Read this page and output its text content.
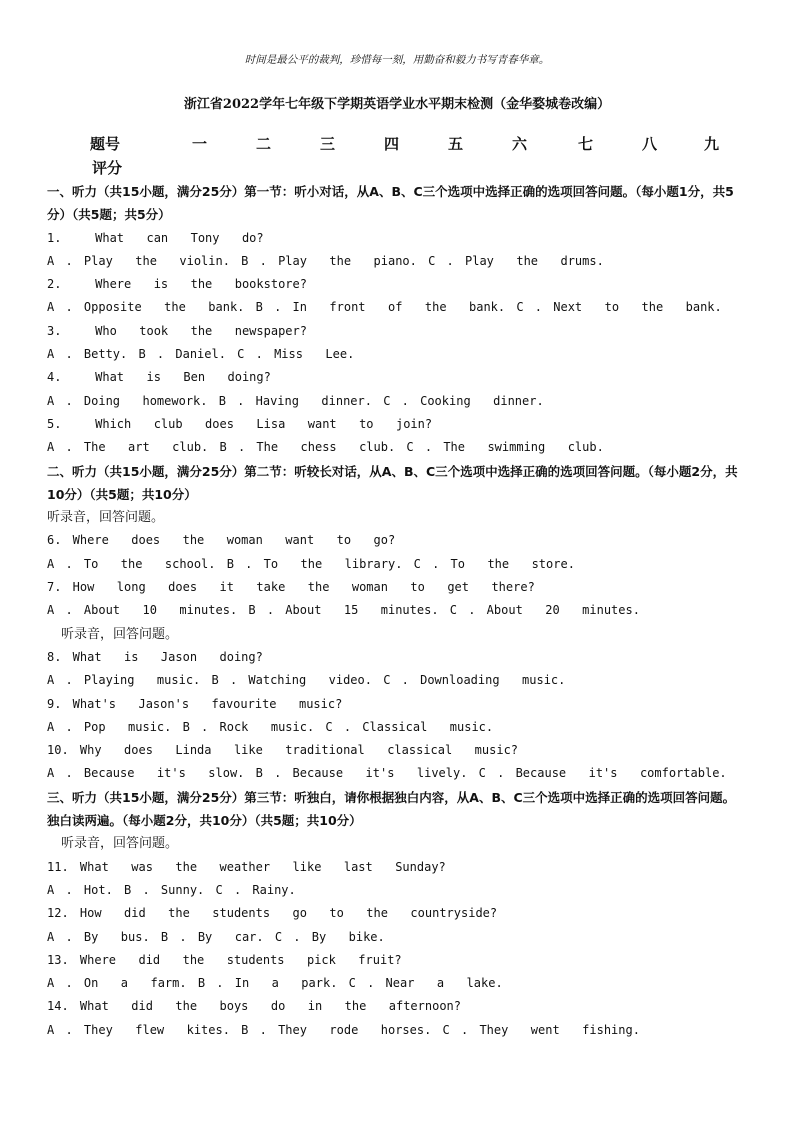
时间是最公平的裁判，珍惜每一刻，用勤奋和毅力书写青春华章。
浙江省2022学年七年级下学期英语学业水平期末检测（金华婺城卷改编）
题号	一	二	三	四	五	六	七	八	九
评分
一、听力（共15小题，满分25分）第一节：听小对话，从A、B、C三个选项中选择正确的选项回答问题。（每小题1分，共5分）（共5题；共5分）
1.   What  can  Tony  do?
A . Play  the  violin. B . Play  the  piano. C . Play  the  drums.
2.   Where  is  the  bookstore?
A . Opposite  the  bank. B . In  front  of  the  bank. C . Next  to  the  bank.
3.   Who  took  the  newspaper?
A . Betty. B . Daniel. C . Miss  Lee.
4.   What  is  Ben  doing?
A . Doing  homework. B . Having  dinner. C . Cooking  dinner.
5.   Which  club  does  Lisa  want  to  join?
A . The  art  club. B . The  chess  club. C . The  swimming  club.
二、听力（共15小题，满分25分）第二节：听较长对话，从A、B、C三个选项中选择正确的选项回答问题。（每小题2分，共10分）（共5题；共10分）
听录音，回答问题。
6. Where  does  the  woman  want  to  go?
A . To  the  school. B . To  the  library. C . To  the  store.
7. How  long  does  it  take  the  woman  to  get  there?
A . About  10  minutes. B . About  15  minutes. C . About  20  minutes.
听录音，回答问题。
8. What  is  Jason  doing?
A . Playing  music. B . Watching  video. C . Downloading  music.
9. What's  Jason's  favourite  music?
A . Pop  music. B . Rock  music. C . Classical  music.
10. Why  does  Linda  like  traditional  classical  music?
A . Because  it's  slow. B . Because  it's  lively. C . Because  it's  comfortable.
三、听力（共15小题，满分25分）第三节：听独白，请你根据独白内容，从A、B、C三个选项中选择正确的选项回答问题。独白读两遍。（每小题2分，共10分）（共5题；共10分）
听录音，回答问题。
11. What  was  the  weather  like  last  Sunday?
A . Hot. B . Sunny. C . Rainy.
12. How  did  the  students  go  to  the  countryside?
A . By  bus. B . By  car. C . By  bike.
13. Where  did  the  students  pick  fruit?
A . On  a  farm. B . In  a  park. C . Near  a  lake.
14. What  did  the  boys  do  in  the  afternoon?
A . They  flew  kites. B . They  rode  horses. C . They  went  fishing.
